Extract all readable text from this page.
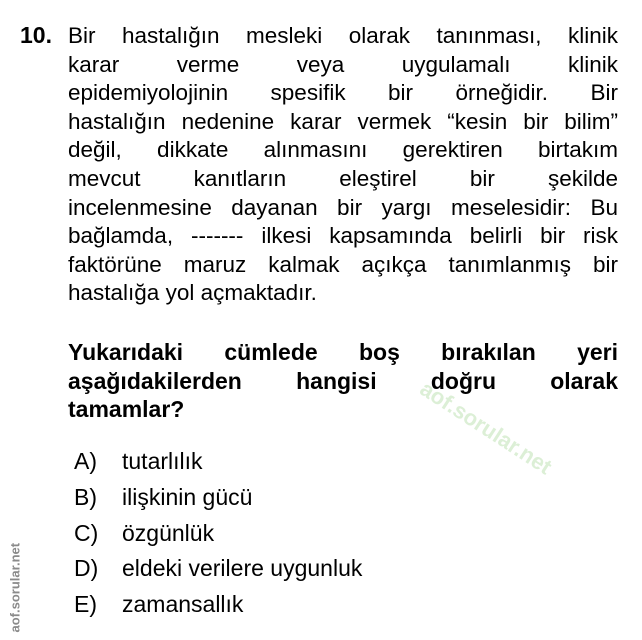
aof.sorular.net
aof.sorular.net
10. Bir hastalığın mesleki olarak tanınması, klinik
karar verme veya uygulamalı klinik
epidemiyolojinin spesifik bir örneğidir. Bir
hastalığın nedenine karar vermek “kesin bir bilim”
değil, dikkate alınmasını gerektiren birtakım
mevcut kanıtların eleştirel bir şekilde
incelenmesine dayanan bir yargı meselesidir: Bu
bağlamda, ------- ilkesi kapsamında belirli bir risk
faktörüne maruz kalmak açıkça tanımlanmış bir
hastalığa yol açmaktadır.
Yukarıdaki cümlede boş bırakılan yeri
aşağıdakilerden hangisi doğru olarak
tamamlar?
A)	tutarlılık
B)	ilişkinin gücü
C)	özgünlük
D)	eldeki verilere uygunluk
E)	zamansallık
